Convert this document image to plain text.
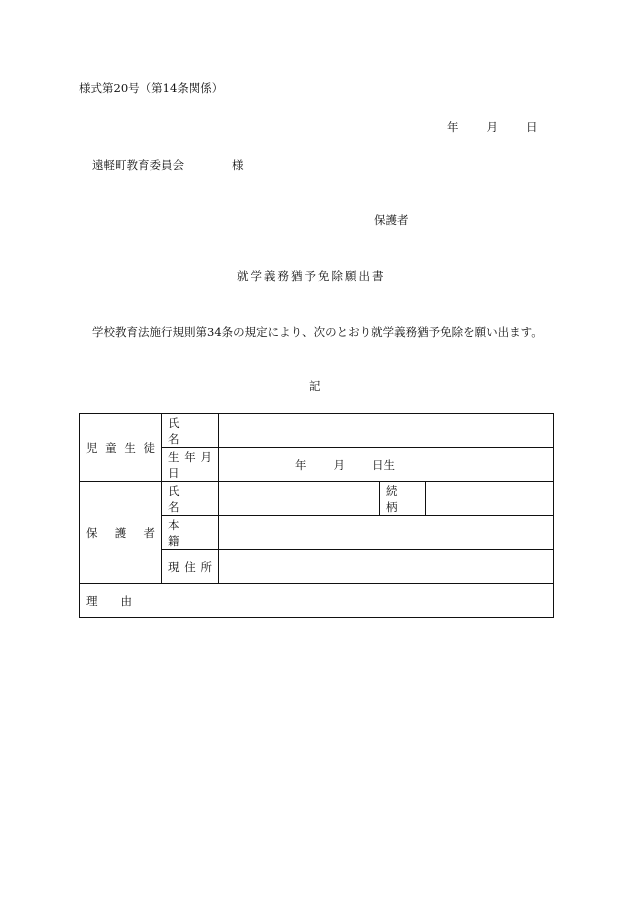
様式第20号（第14条関係）
年 月 日
遠軽町教育委員会	様
保護者
就学義務猶予免除願出書
学校教育法施行規則第34条の規定により、次のとおり就学義務猶予免除を願い出ます。
記
児童生徒	氏　　名			

	生年月日	年 月 日生		

保　護　者	氏　　名		続　柄	

	本　　籍			

	現住所			

理　　由				
